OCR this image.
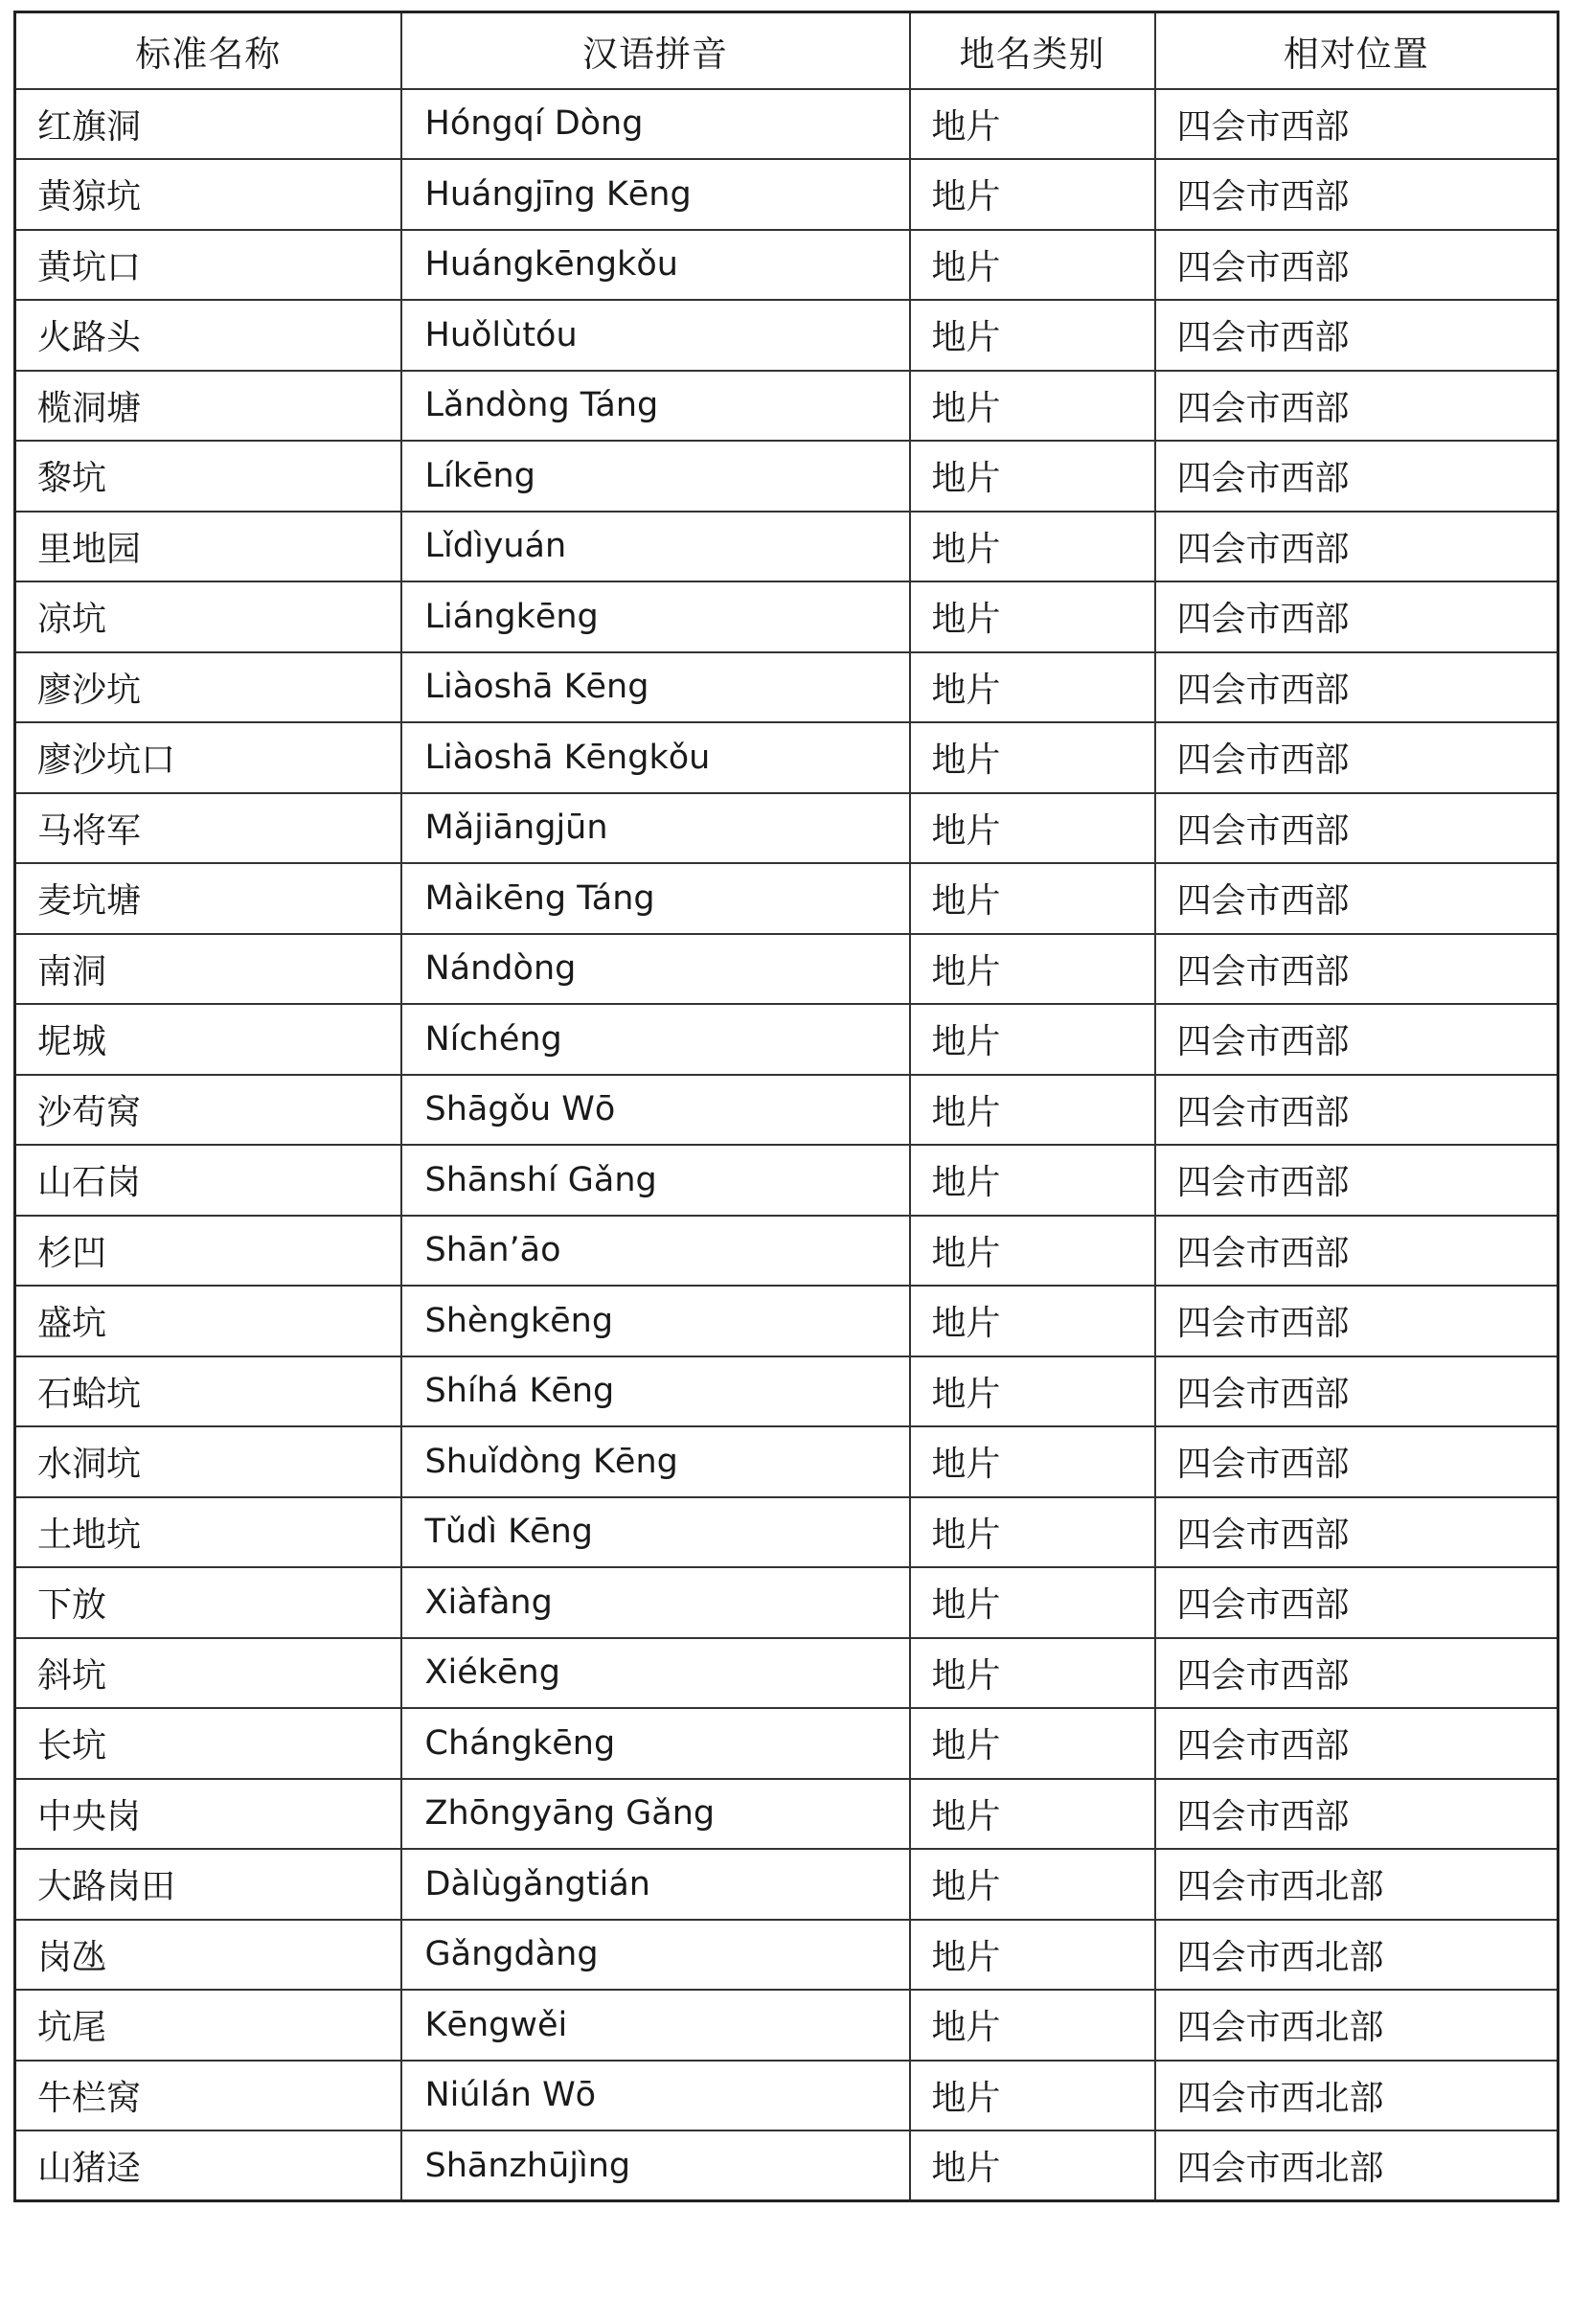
标准名称	汉语拼音	地名类别	相对位置
红旗洞	Hóngqí Dòng	地片	四会市西部
黄猄坑	Huángjīng Kēng	地片	四会市西部
黄坑口	Huángkēngkǒu	地片	四会市西部
火路头	Huǒlùtóu	地片	四会市西部
榄洞塘	Lǎndòng Táng	地片	四会市西部
黎坑	Líkēng	地片	四会市西部
里地园	Lǐdìyuán	地片	四会市西部
凉坑	Liángkēng	地片	四会市西部
廖沙坑	Liàoshā Kēng	地片	四会市西部
廖沙坑口	Liàoshā Kēngkǒu	地片	四会市西部
马将军	Mǎjiāngjūn	地片	四会市西部
麦坑塘	Màikēng Táng	地片	四会市西部
南洞	Nándòng	地片	四会市西部
坭城	Níchéng	地片	四会市西部
沙苟窝	Shāgǒu Wō	地片	四会市西部
山石岗	Shānshí Gǎng	地片	四会市西部
杉凹	Shān’āo	地片	四会市西部
盛坑	Shèngkēng	地片	四会市西部
石蛤坑	Shíhá Kēng	地片	四会市西部
水洞坑	Shuǐdòng Kēng	地片	四会市西部
土地坑	Tǔdì Kēng	地片	四会市西部
下放	Xiàfàng	地片	四会市西部
斜坑	Xiékēng	地片	四会市西部
长坑	Chángkēng	地片	四会市西部
中央岗	Zhōngyāng Gǎng	地片	四会市西部
大路岗田	Dàlùgǎngtián	地片	四会市西北部
岗氹	Gǎngdàng	地片	四会市西北部
坑尾	Kēngwěi	地片	四会市西北部
牛栏窝	Niúlán Wō	地片	四会市西北部
山猪迳	Shānzhūjìng	地片	四会市西北部
